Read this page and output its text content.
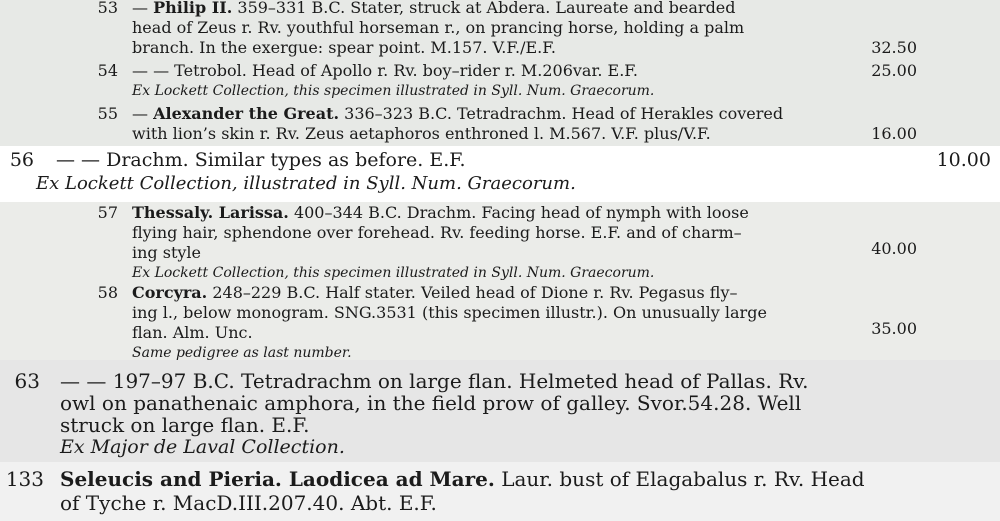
53 — Philip II. 359–331 B.C. Stater, struck at Abdera. Laureate and bearded
head of Zeus r. Rv. youthful horseman r., on prancing horse, holding a palm
branch. In the exergue: spear point. M.157. V.F./E.F.	32.50
54 — — Tetrobol. Head of Apollo r. Rv. boy–rider r. M.206var. E.F.
Ex Lockett Collection, this specimen illustrated in Syll. Num. Graecorum.
25.00
55 — Alexander the Great. 336–323 B.C. Tetradrachm. Head of Herakles covered
with lion’s skin r. Rv. Zeus aetaphoros enthroned l. M.567. V.F. plus/V.F.	16.00
56 — — Drachm. Similar types as before. E.F.
Ex Lockett Collection, illustrated in Syll. Num. Graecorum.
10.00
57 Thessaly. Larissa. 400–344 B.C. Drachm. Facing head of nymph with loose
flying hair, sphendone over forehead. Rv. feeding horse. E.F. and of charm–
ing style
Ex Lockett Collection, this specimen illustrated in Syll. Num. Graecorum.
40.00
58 Corcyra. 248–229 B.C. Half stater. Veiled head of Dione r. Rv. Pegasus fly–
ing l., below monogram. SNG.3531 (this specimen illustr.). On unusually large
flan. Alm. Unc.
Same pedigree as last number.
35.00
63 — — 197–97 B.C. Tetradrachm on large flan. Helmeted head of Pallas. Rv.
owl on panathenaic amphora, in the field prow of galley. Svor.54.28. Well
struck on large flan. E.F.
Ex Major de Laval Collection.
133 Seleucis and Pieria. Laodicea ad Mare. Laur. bust of Elagabalus r. Rv. Head
of Tyche r. MacD.III.207.40. Abt. E.F.
